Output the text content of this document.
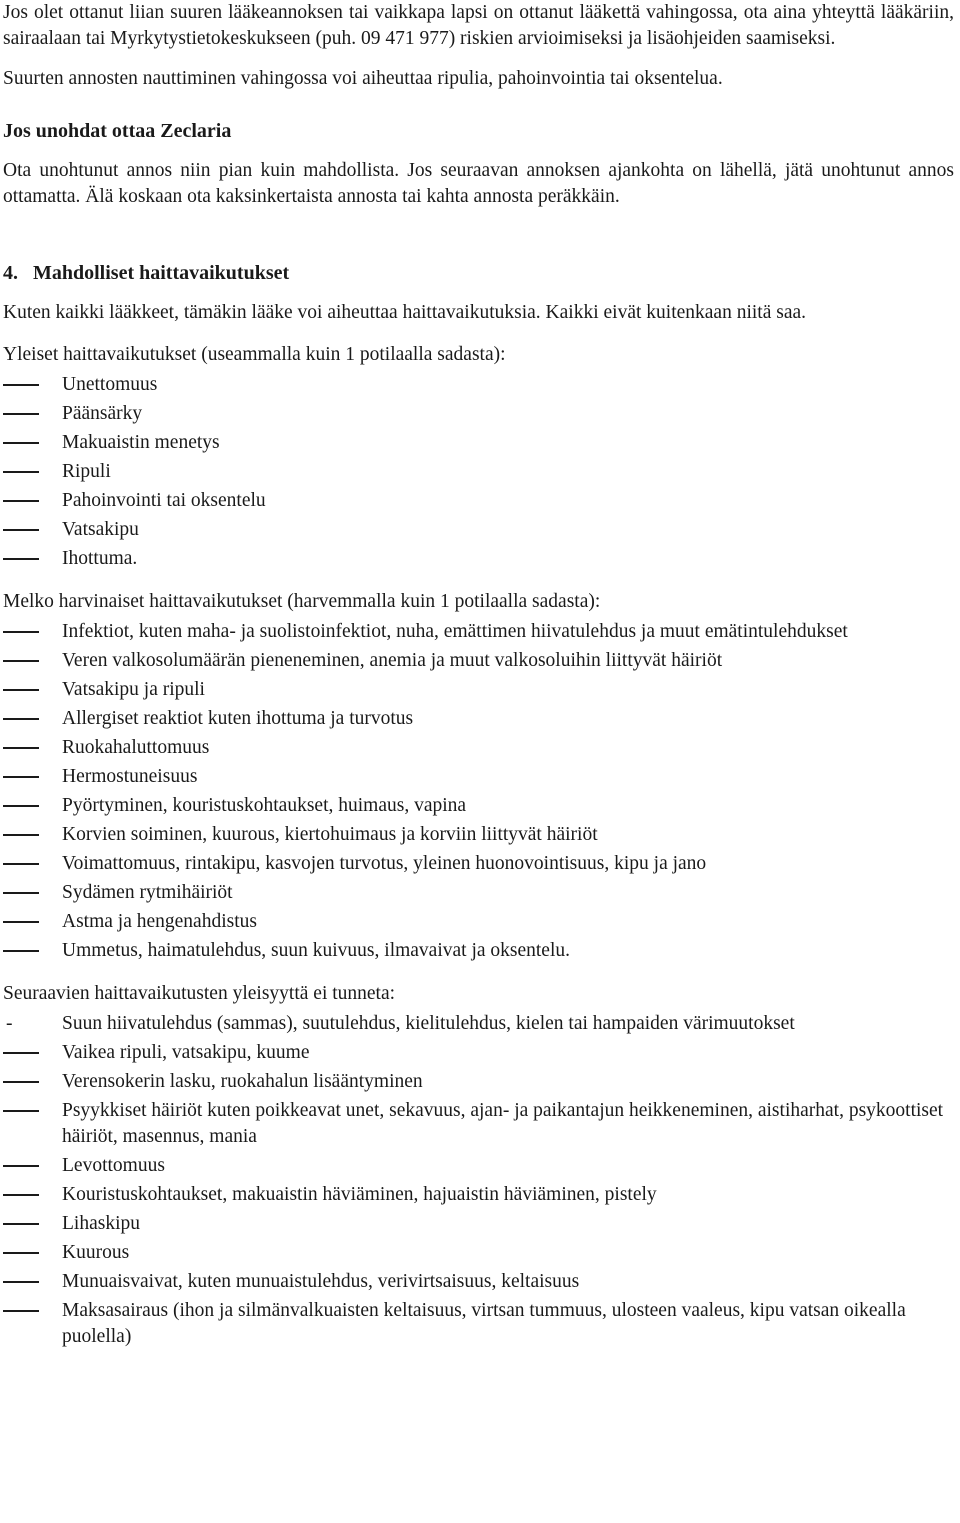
Jos olet ottanut liian suuren lääkeannoksen tai vaikkapa lapsi on ottanut lääkettä vahingossa, ota aina yhteyttä lääkäriin, sairaalaan tai Myrkytystietokeskukseen (puh. 09 471 977) riskien arvioimiseksi ja lisäohjeiden saamiseksi.

Suurten annosten nauttiminen vahingossa voi aiheuttaa ripulia, pahoinvointia tai oksentelua.

Jos unohdat ottaa Zeclaria

Ota unohtunut annos niin pian kuin mahdollista. Jos seuraavan annoksen ajankohta on lähellä, jätä unohtunut annos ottamatta. Älä koskaan ota kaksinkertaista annosta tai kahta annosta peräkkäin.

4.   Mahdolliset haittavaikutukset

Kuten kaikki lääkkeet, tämäkin lääke voi aiheuttaa haittavaikutuksia. Kaikki eivät kuitenkaan niitä saa.

Yleiset haittavaikutukset (useammalla kuin 1 potilaalla sadasta):

Unettomuus
Päänsärky
Makuaistin menetys
Ripuli
Pahoinvointi tai oksentelu
Vatsakipu
Ihottuma.

Melko harvinaiset haittavaikutukset (harvemmalla kuin 1 potilaalla sadasta):

Infektiot, kuten maha- ja suolistoinfektiot, nuha, emättimen hiivatulehdus ja muut emätintulehdukset
Veren valkosolumäärän pieneneminen, anemia ja muut valkosoluihin liittyvät häiriöt
Vatsakipu ja ripuli
Allergiset reaktiot kuten ihottuma ja turvotus
Ruokahaluttomuus
Hermostuneisuus
Pyörtyminen, kouristuskohtaukset, huimaus, vapina
Korvien soiminen, kuurous, kiertohuimaus ja korviin liittyvät häiriöt
Voimattomuus, rintakipu, kasvojen turvotus, yleinen huonovointisuus, kipu ja jano
Sydämen rytmihäiriöt
Astma ja hengenahdistus
Ummetus, haimatulehdus, suun kuivuus, ilmavaivat ja oksentelu.

Seuraavien haittavaikutusten yleisyyttä ei tunneta:

-	Suun hiivatulehdus (sammas), suutulehdus, kielitulehdus, kielen tai hampaiden värimuutokset
Vaikea ripuli, vatsakipu, kuume
Verensokerin lasku, ruokahalun lisääntyminen
Psyykkiset häiriöt kuten poikkeavat unet, sekavuus, ajan- ja paikantajun heikkeneminen, aistiharhat, psykoottiset häiriöt, masennus, mania
Levottomuus
Kouristuskohtaukset, makuaistin häviäminen, hajuaistin häviäminen, pistely
Lihaskipu
Kuurous
Munuaisvaivat, kuten munuaistulehdus, verivirtsaisuus, keltaisuus
Maksasairaus (ihon ja silmänvalkuaisten keltaisuus, virtsan tummuus, ulosteen vaaleus, kipu vatsan oikealla puolella)
